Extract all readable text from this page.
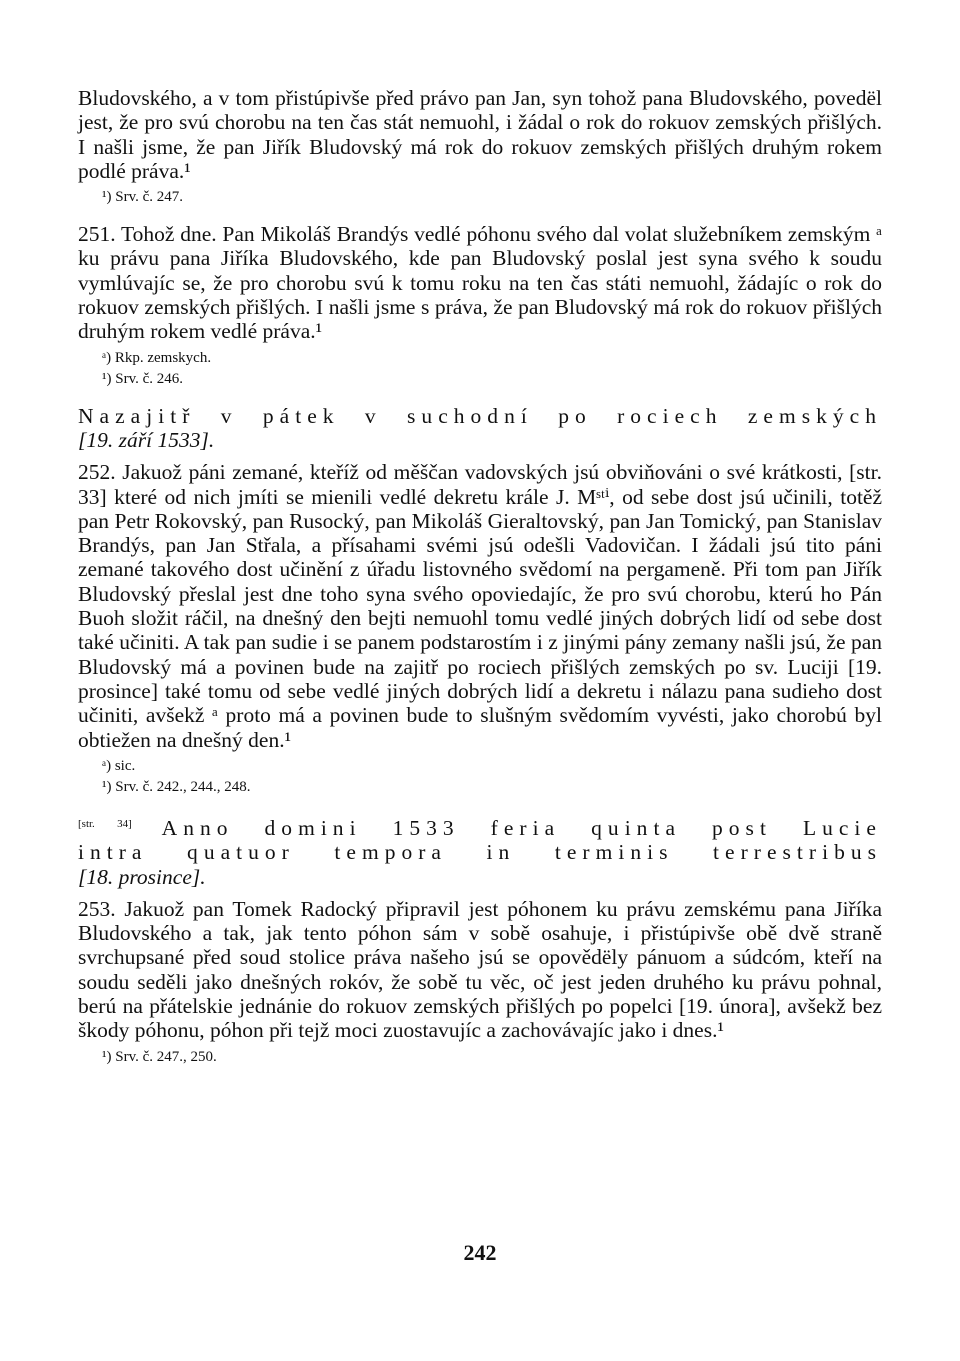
Bludovského, a v tom přistúpivše před právo pan Jan, syn tohož pana Bludovského, povedël jest, že pro svú chorobu na ten čas stát nemuohl, i žádal o rok do rokuov zemských přišlých. I našli jsme, že pan Jiřík Bludovský má rok do rokuov zemských přišlých druhým rokem podlé práva.¹

¹) Srv. č. 247.

251. Tohož dne. Pan Mikoláš Brandýs vedlé póhonu svého dal volat služebníkem zemským ᵃ ku právu pana Jiříka Bludovského, kde pan Bludovský poslal jest syna svého k soudu vymlúvajíc se, že pro chorobu svú k tomu roku na ten čas státi nemuohl, žádajíc o rok do rokuov zemských přišlých. I našli jsme s práva, že pan Bludovský má rok do rokuov přišlých druhým rokem vedlé práva.¹

ᵃ) Rkp. zemskych.

¹) Srv. č. 246.

Nazajitř v pátek v suchodní po rociech zemských

[19. září 1533].

252. Jakuož páni zemané, kteříž od měščan vadovských jsú obviňováni o své krátkosti, [str. 33] které od nich jmíti se mienili vedlé dekretu krále J. Mˢᵗⁱ, od sebe dost jsú učinili, totěž pan Petr Rokovský, pan Rusocký, pan Mikoláš Gieraltovský, pan Jan Tomický, pan Stanislav Brandýs, pan Jan Střala, a přísahami svémi jsú odešli Vadovičan. I žádali jsú tito páni zemané takového dost učinění z úřadu listovného svědomí na pergameně. Při tom pan Jiřík Bludovský přeslal jest dne toho syna svého opoviedajíc, že pro svú chorobu, kterú ho Pán Buoh složit ráčil, na dnešný den bejti nemuohl tomu vedlé jiných dobrých lidí od sebe dost také učiniti. A tak pan sudie i se panem podstarostím i z jinými pány zemany našli jsú, že pan Bludovský má a povinen bude na zajitř po rociech přišlých zemských po sv. Luciji [19. prosince] také tomu od sebe vedlé jiných dobrých lidí a dekretu i nálazu pana sudieho dost učiniti, avšekž ᵃ proto má a povinen bude to slušným svědomím vyvésti, jako chorobú byl obtiežen na dnešný den.¹

ᵃ) sic.

¹) Srv. č. 242., 244., 248.

[str. 34] Anno domini 1533 feria quinta post Lucie

intra quatuor tempora in terminis terrestribus

[18. prosince].

253. Jakuož pan Tomek Radocký připravil jest póhonem ku právu zemskému pana Jiříka Bludovského a tak, jak tento póhon sám v sobě osahuje, i přistúpivše obě dvě straně svrchupsané před soud stolice práva našeho jsú se opovědëly pánuom a súdcóm, kteří na soudu seděli jako dnešných rokóv, že sobě tu věc, oč jest jeden druhého ku právu pohnal, berú na přátelskie jednánie do rokuov zemských přišlých po popelci [19. února], avšekž bez škody póhonu, póhon při tejž moci zuostavujíc a zachovávajíc jako i dnes.¹

¹) Srv. č. 247., 250.

242
